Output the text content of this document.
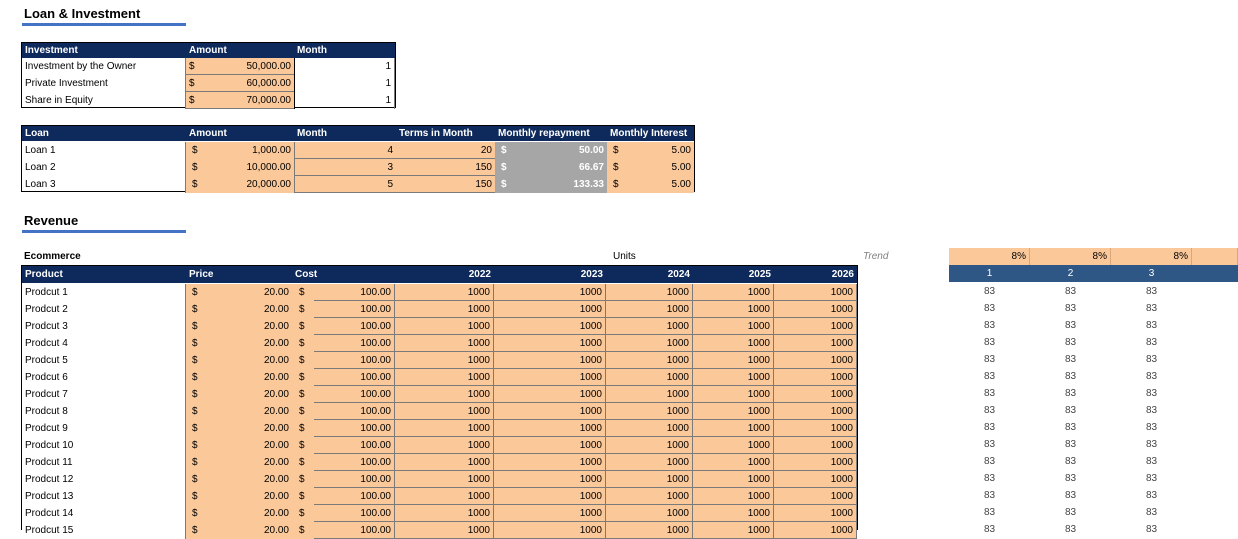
Loan & Investment
Investment	Amount	Month
Investment by the Owner	$	50,000.00	1
Private Investment	$	60,000.00	1
Share in Equity	$	70,000.00	1
Loan	Amount	Month	Terms in Month	Monthly repayment	Monthly Interest
Loan 1	$	1,000.00	4	20 $	50.00 $	5.00
Loan 2	$	10,000.00	3	150 $	66.67 $	5.00
Loan 3	$	20,000.00	5	150 $	133.33 $	5.00
Revenue
Ecommerce	Units	Trend
Product	Price	Cost	2022	2023	2024	2025	2026
Prodcut 1	$	20.00	$	100.00	1000	1000	1000	1000	1000
Prodcut 2	$	20.00	$	100.00	1000	1000	1000	1000	1000
Prodcut 3	$	20.00	$	100.00	1000	1000	1000	1000	1000
Prodcut 4	$	20.00	$	100.00	1000	1000	1000	1000	1000
Prodcut 5	$	20.00	$	100.00	1000	1000	1000	1000	1000
Prodcut 6	$	20.00	$	100.00	1000	1000	1000	1000	1000
Prodcut 7	$	20.00	$	100.00	1000	1000	1000	1000	1000
Prodcut 8	$	20.00	$	100.00	1000	1000	1000	1000	1000
Prodcut 9	$	20.00	$	100.00	1000	1000	1000	1000	1000
Prodcut 10	$	20.00	$	100.00	1000	1000	1000	1000	1000
Prodcut 11	$	20.00	$	100.00	1000	1000	1000	1000	1000
Prodcut 12	$	20.00	$	100.00	1000	1000	1000	1000	1000
Prodcut 13	$	20.00	$	100.00	1000	1000	1000	1000	1000
Prodcut 14	$	20.00	$	100.00	1000	1000	1000	1000	1000
Prodcut 15	$	20.00	$	100.00	1000	1000	1000	1000	1000
8%	8%	8%
1	2	3
83	83	83
83	83	83
83	83	83
83	83	83
83	83	83
83	83	83
83	83	83
83	83	83
83	83	83
83	83	83
83	83	83
83	83	83
83	83	83
83	83	83
83	83	83
